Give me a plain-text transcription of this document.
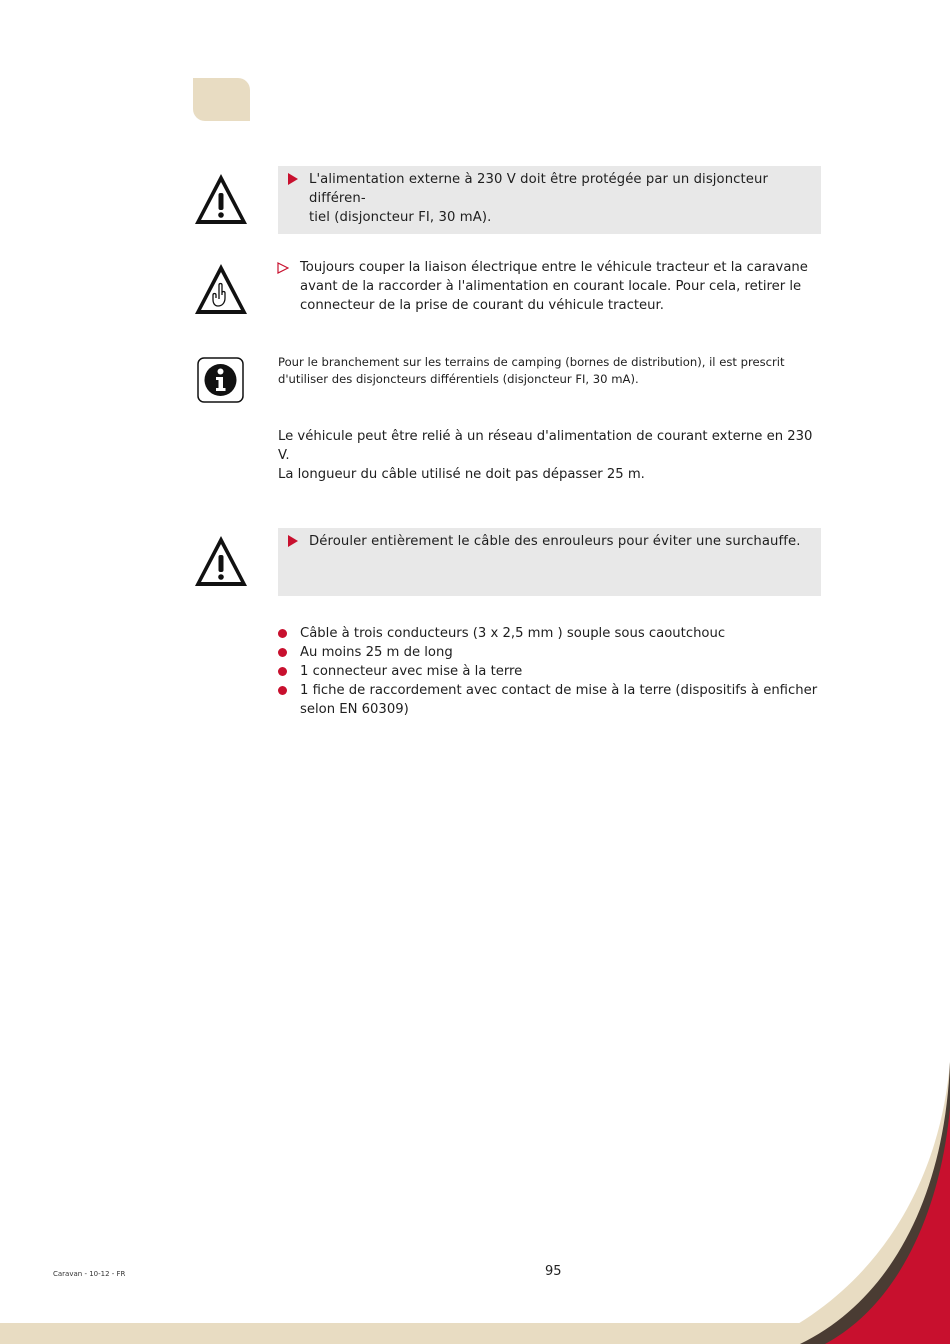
L'alimentation externe à 230 V doit être protégée par un disjoncteur différen-
tiel (disjoncteur FI, 30 mA).
Toujours couper la liaison électrique entre le véhicule tracteur et la caravane
avant de la raccorder à l'alimentation en courant locale. Pour cela, retirer le
connecteur de la prise de courant du véhicule tracteur.
Pour le branchement sur les terrains de camping (bornes de distribution), il est prescrit
d'utiliser des disjoncteurs différentiels (disjoncteur FI, 30 mA).
Le véhicule peut être relié à un réseau d'alimentation de courant externe en 230 V.
La longueur du câble utilisé ne doit pas dépasser 25 m.
Dérouler entièrement le câble des enrouleurs pour éviter une surchauffe.
Câble à trois conducteurs (3 x 2,5 mm ) souple sous caoutchouc
Au moins 25 m de long
1 connecteur avec mise à la terre
1 fiche de raccordement avec contact de mise à la terre (dispositifs à enficher
selon EN 60309)
Caravan - 10-12 - FR	95
